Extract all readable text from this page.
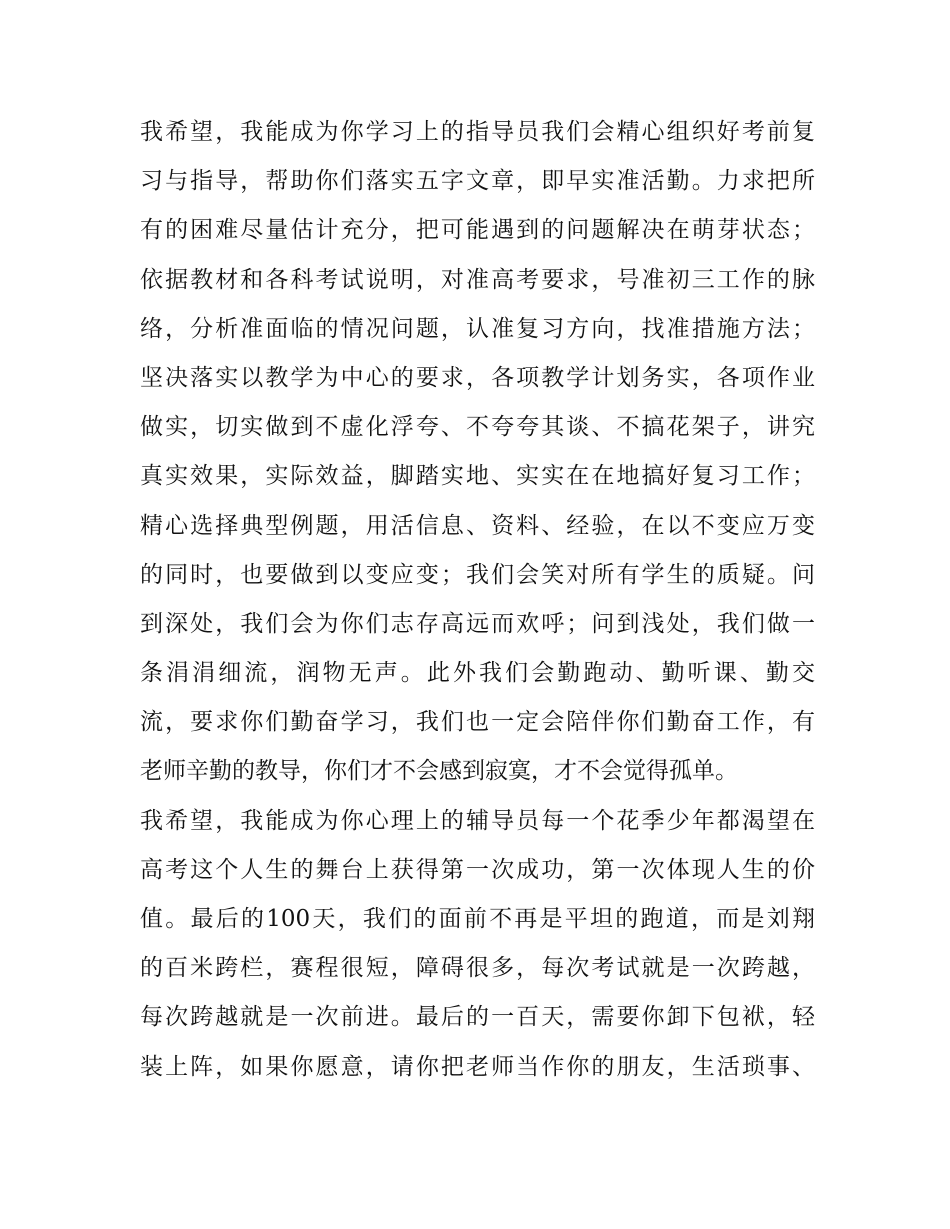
我希望，我能成为你学习上的指导员我们会精心组织好考前复
习与指导，帮助你们落实五字文章，即早实准活勤。力求把所
有的困难尽量估计充分，把可能遇到的问题解决在萌芽状态；
依据教材和各科考试说明，对准高考要求，号准初三工作的脉
络，分析准面临的情况问题，认准复习方向，找准措施方法；
坚决落实以教学为中心的要求，各项教学计划务实，各项作业
做实，切实做到不虚化浮夸、不夸夸其谈、不搞花架子，讲究
真实效果，实际效益，脚踏实地、实实在在地搞好复习工作；
精心选择典型例题，用活信息、资料、经验，在以不变应万变
的同时，也要做到以变应变；我们会笑对所有学生的质疑。问
到深处，我们会为你们志存高远而欢呼；问到浅处，我们做一
条涓涓细流，润物无声。此外我们会勤跑动、勤听课、勤交
流，要求你们勤奋学习，我们也一定会陪伴你们勤奋工作，有
老师辛勤的教导，你们才不会感到寂寞，才不会觉得孤单。
我希望，我能成为你心理上的辅导员每一个花季少年都渴望在
高考这个人生的舞台上获得第一次成功，第一次体现人生的价
值。最后的100天，我们的面前不再是平坦的跑道，而是刘翔
的百米跨栏，赛程很短，障碍很多，每次考试就是一次跨越，
每次跨越就是一次前进。最后的一百天，需要你卸下包袱，轻
装上阵，如果你愿意，请你把老师当作你的朋友，生活琐事、
